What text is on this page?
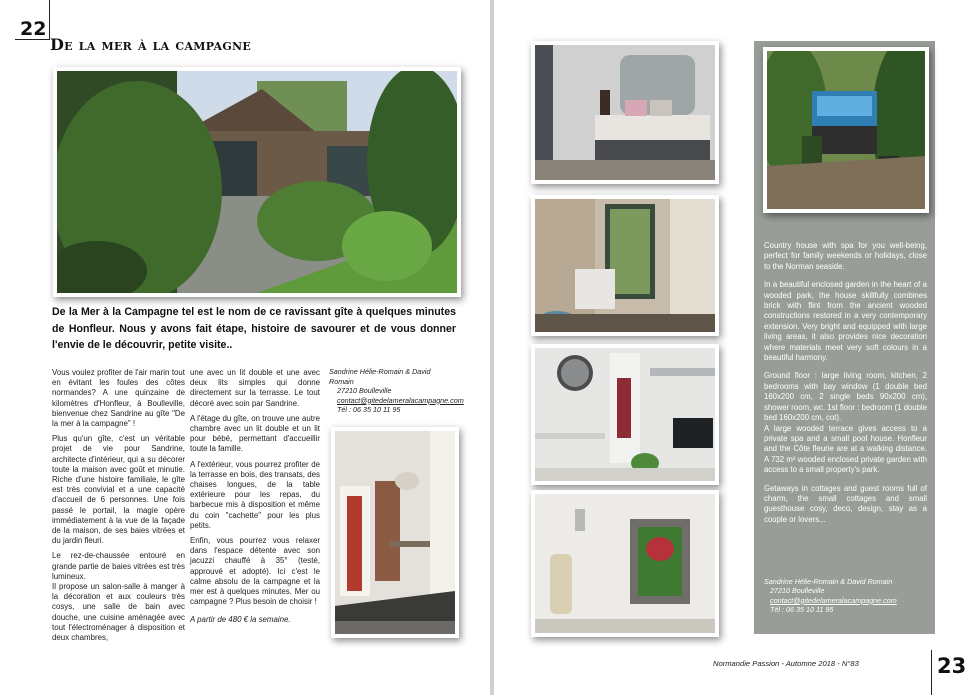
22
De la mer à la campagne
De la Mer à la Campagne tel est le nom de ce ravissant gîte à quelques minutes de Honfleur. Nous y avons fait étape, histoire de savourer et de vous donner l'envie de le découvrir, petite visite..

Vous voulez profiter de l'air marin tout en évitant les foules des côtes normandes? A une quinzaine de kilomètres d'Honfleur, à Boulleville, bienvenue chez Sandrine au gîte "De la mer à la campagne" !

Plus qu'un gîte, c'est un véritable projet de vie pour Sandrine, architecte d'intérieur, qui a su décorer toute la maison avec goût et minutie. Riche d'une histoire familiale, le gîte est très convivial et a une capacité d'accueil de 6 personnes. Une fois passé le portail, la magie opère immédiatement à la vue de la façade de la maison, de ses baies vitrées et du jardin fleuri.

Le rez-de-chaussée entouré en grande partie de baies vitrées est très lumineux.

Il propose un salon-salle à manger à la décoration et aux couleurs très cosys, une salle de bain avec douche, une cuisine aménagée avec tout l'électroménager à disposition et deux chambres,

une avec un lit double et une avec deux lits simples qui donne directement sur la terrasse. Le tout décoré avec soin par Sandrine.

A l'étage du gîte, on trouve une autre chambre avec un lit double et un lit pour bébé, permettant d'accueillir toute la famille.

A l'extérieur, vous pourrez profiter de la terrasse en bois, des transats, des chaises longues, de la table extérieure pour les repas, du barbecue mis à disposition et même du coin "cachette" pour les plus petits.

Enfin, vous pourrez vous relaxer dans l'espace détente avec son jacuzzi chauffé à 35° (testé, approuvé et adopté). Ici c'est le calme absolu de la campagne et la mer est à quelques minutes. Mer ou campagne ? Plus besoin de choisir !

A partir de 480 € la semaine.

Sandrine Hélie-Romain & David Romain
27210 Boulleville
contact@gitedelameralacampagne.com
Tél : 06 35 10 11 95

Country house with spa for you well-being, perfect for family weekends or holidays, close to the Norman seaside.

In a beautiful enclosed garden in the heart of a wooded park, the house skillfully combines brick with flint from the ancient wooded constructions restored in a very contemporary extension. Very bright and equipped with large living areas, it also provides nice decoration where materials meet very soft colours in a beautiful harmony.

Ground floor : large living room, kitchen, 2 bedrooms with bay window (1 double bed 160x200 cm, 2 single beds 90x200 cm), shower room, wc. 1st floor : bedroom (1 double bed 160x200 cm, cot).

A large wooded terrace gives access to a private spa and a small pool house. Honfleur and the Côte fleurie are at a walking distance. A 732 m² wooded enclosed private garden with access to a small property's park.

Getaways in cottages and guest rooms full of charm, the small cottages and small guesthouse cosy, deco, design, stay as a couple or lovers...

Sandrine Hélie-Romain & David Romain
27210 Boulleville
contact@gitedelameralacampagne.com
Tél : 06 35 10 11 95
Normandie Passion - Automne 2018 - N°83	23
